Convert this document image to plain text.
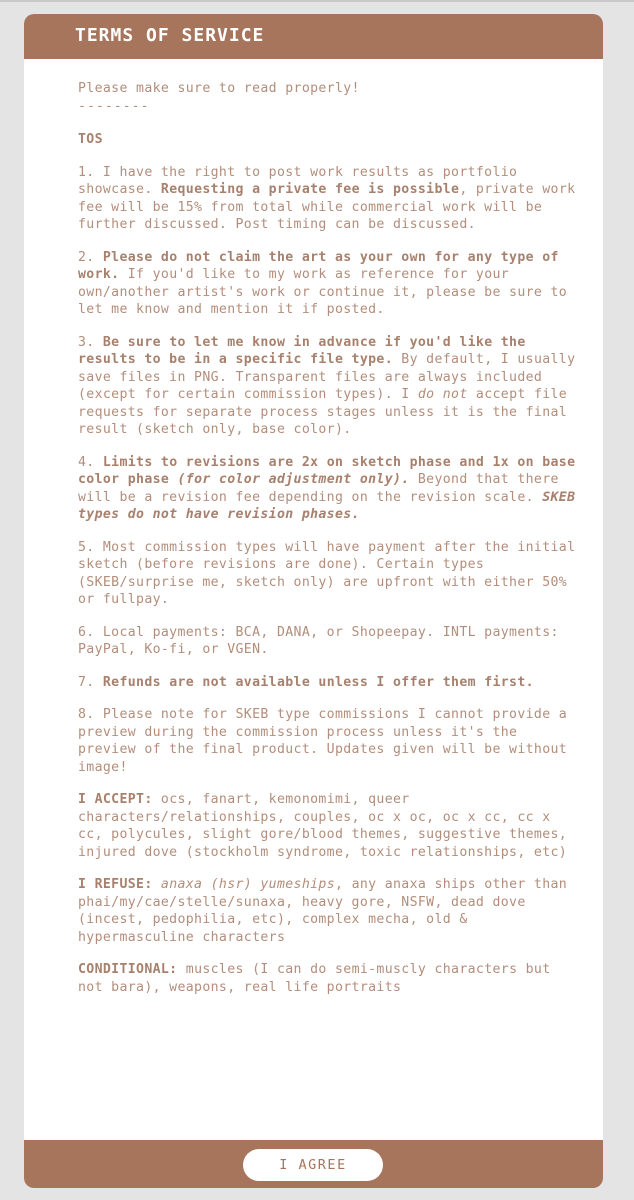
TERMS OF SERVICE

Please make sure to read properly!

--------

TOS

1. I have the right to post work results as portfolio showcase. Requesting a private fee is possible, private work fee will be 15% from total while commercial work will be further discussed. Post timing can be discussed.

2. Please do not claim the art as your own for any type of work. If you'd like to my work as reference for your own/another artist's work or continue it, please be sure to let me know and mention it if posted.

3. Be sure to let me know in advance if you'd like the results to be in a specific file type. By default, I usually save files in PNG. Transparent files are always included (except for certain commission types). I do not accept file requests for separate process stages unless it is the final result (sketch only, base color).

4. Limits to revisions are 2x on sketch phase and 1x on base color phase (for color adjustment only). Beyond that there will be a revision fee depending on the revision scale. SKEB types do not have revision phases.

5. Most commission types will have payment after the initial sketch (before revisions are done). Certain types (SKEB/surprise me, sketch only) are upfront with either 50% or fullpay.

6. Local payments: BCA, DANA, or Shopeepay. INTL payments: PayPal, Ko-fi, or VGEN.

7. Refunds are not available unless I offer them first.

8. Please note for SKEB type commissions I cannot provide a preview during the commission process unless it's the preview of the final product. Updates given will be without image!

I ACCEPT: ocs, fanart, kemonomimi, queer characters/relationships, couples, oc x oc, oc x cc, cc x cc, polycules, slight gore/blood themes, suggestive themes, injured dove (stockholm syndrome, toxic relationships, etc)

I REFUSE: anaxa (hsr) yumeships, any anaxa ships other than phai/my/cae/stelle/sunaxa, heavy gore, NSFW, dead dove (incest, pedophilia, etc), complex mecha, old & hypermasculine characters

CONDITIONAL: muscles (I can do semi-muscly characters but not bara), weapons, real life portraits

I AGREE
